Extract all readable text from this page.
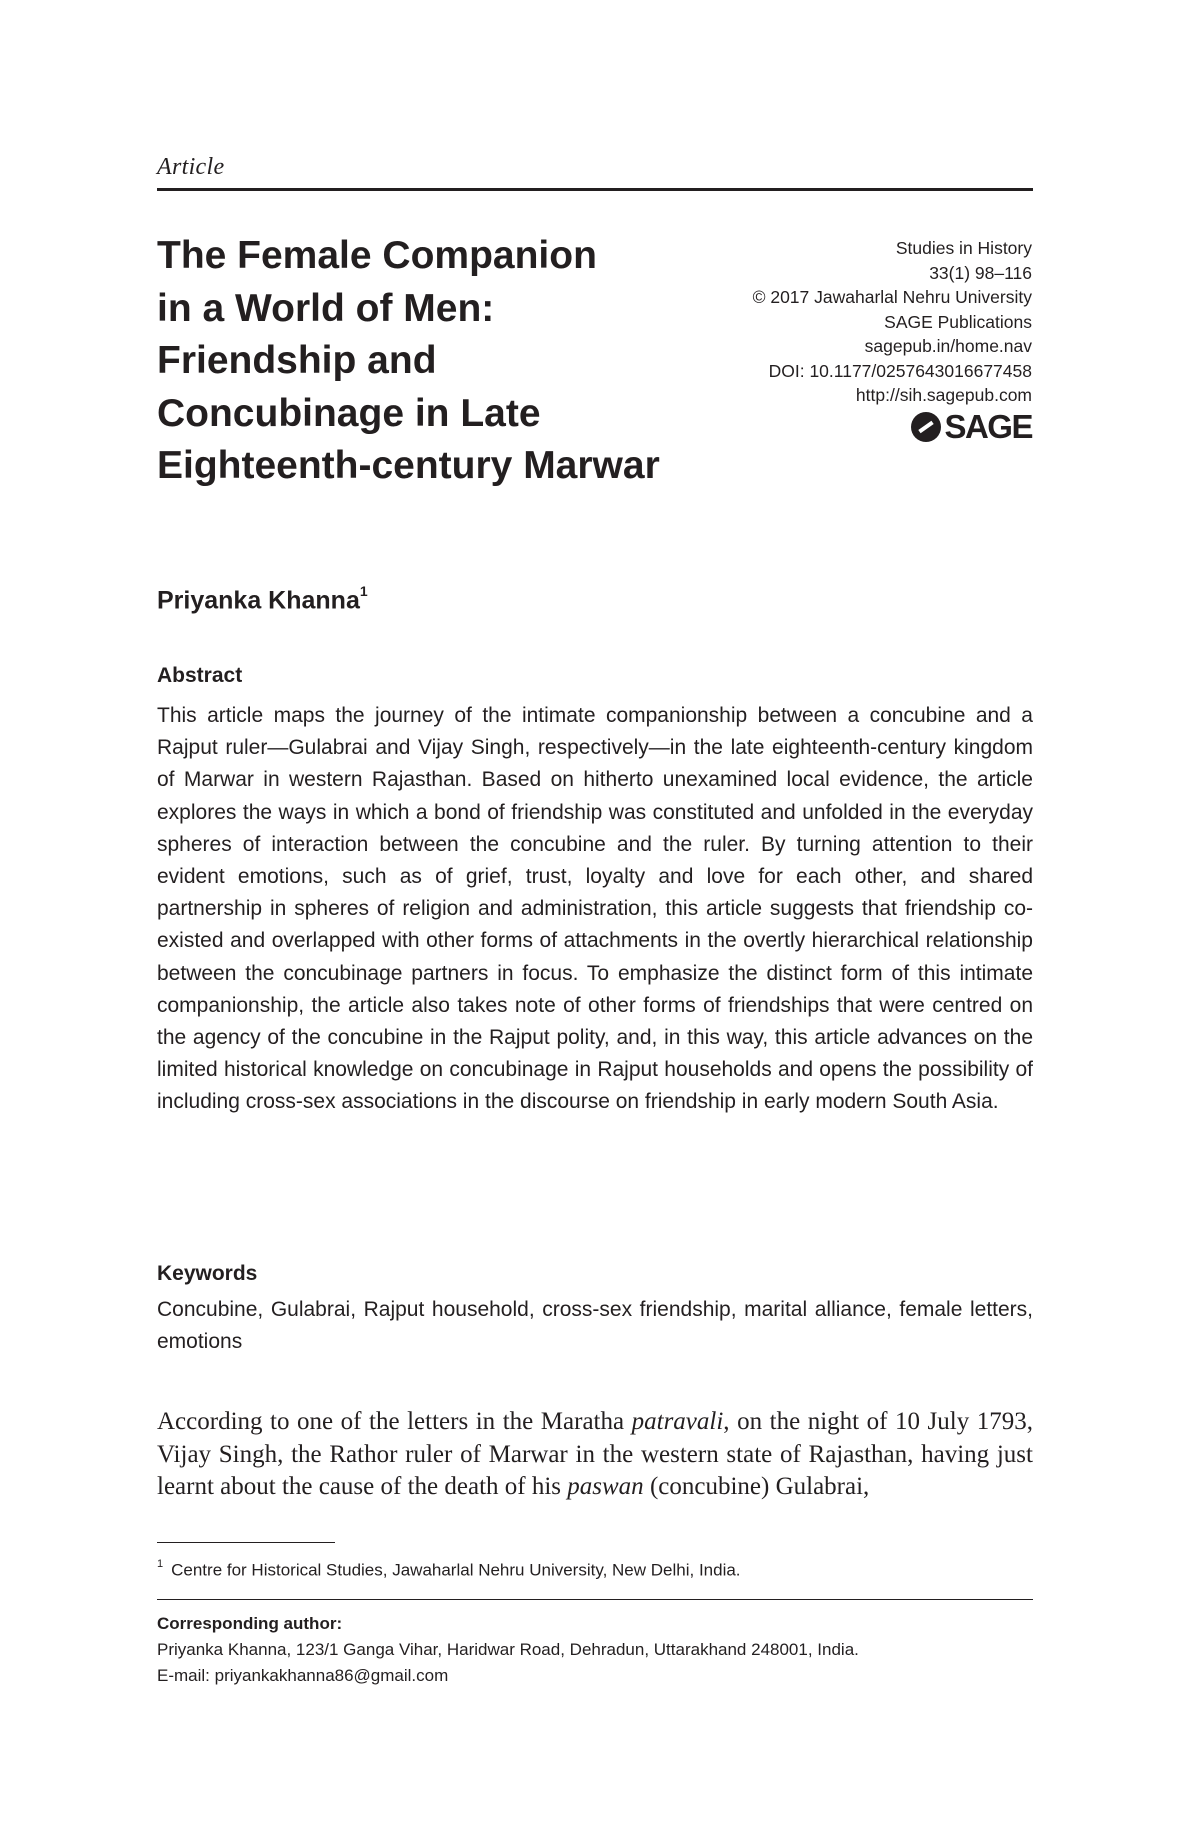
Article
The Female Companion
in a World of Men:
Friendship and
Concubinage in Late
Eighteenth-century Marwar
Studies in History
33(1) 98–116
© 2017 Jawaharlal Nehru University
SAGE Publications
sagepub.in/home.nav
DOI: 10.1177/0257643016677458
http://sih.sagepub.com
SAGE
Priyanka Khanna$^1$
Abstract

This article maps the journey of the intimate companionship between a concubine and a Rajput ruler—Gulabrai and Vijay Singh, respectively—in the late eighteenth-century kingdom of Marwar in western Rajasthan. Based on hitherto unexamined local evidence, the article explores the ways in which a bond of friendship was constituted and unfolded in the everyday spheres of interaction between the concubine and the ruler. By turning attention to their evident emotions, such as of grief, trust, loyalty and love for each other, and shared partnership in spheres of religion and administration, this article suggests that friendship co-existed and overlapped with other forms of attachments in the overtly hierarchical relationship between the concubinage partners in focus. To emphasize the distinct form of this intimate companionship, the article also takes note of other forms of friendships that were centred on the agency of the concubine in the Rajput polity, and, in this way, this article advances on the limited historical knowledge on concubinage in Rajput households and opens the possibility of including cross-sex associations in the discourse on friendship in early modern South Asia.

Keywords

Concubine, Gulabrai, Rajput household, cross-sex friendship, marital alliance, female letters, emotions

According to one of the letters in the Maratha patravali, on the night of 10 July 1793, Vijay Singh, the Rathor ruler of Marwar in the western state of Rajasthan, having just learnt about the cause of the death of his paswan (concubine) Gulabrai,

$^1$ Centre for Historical Studies, Jawaharlal Nehru University, New Delhi, India.
Corresponding author:
Priyanka Khanna, 123/1 Ganga Vihar, Haridwar Road, Dehradun, Uttarakhand 248001, India.
E-mail: priyankakhanna86@gmail.com
